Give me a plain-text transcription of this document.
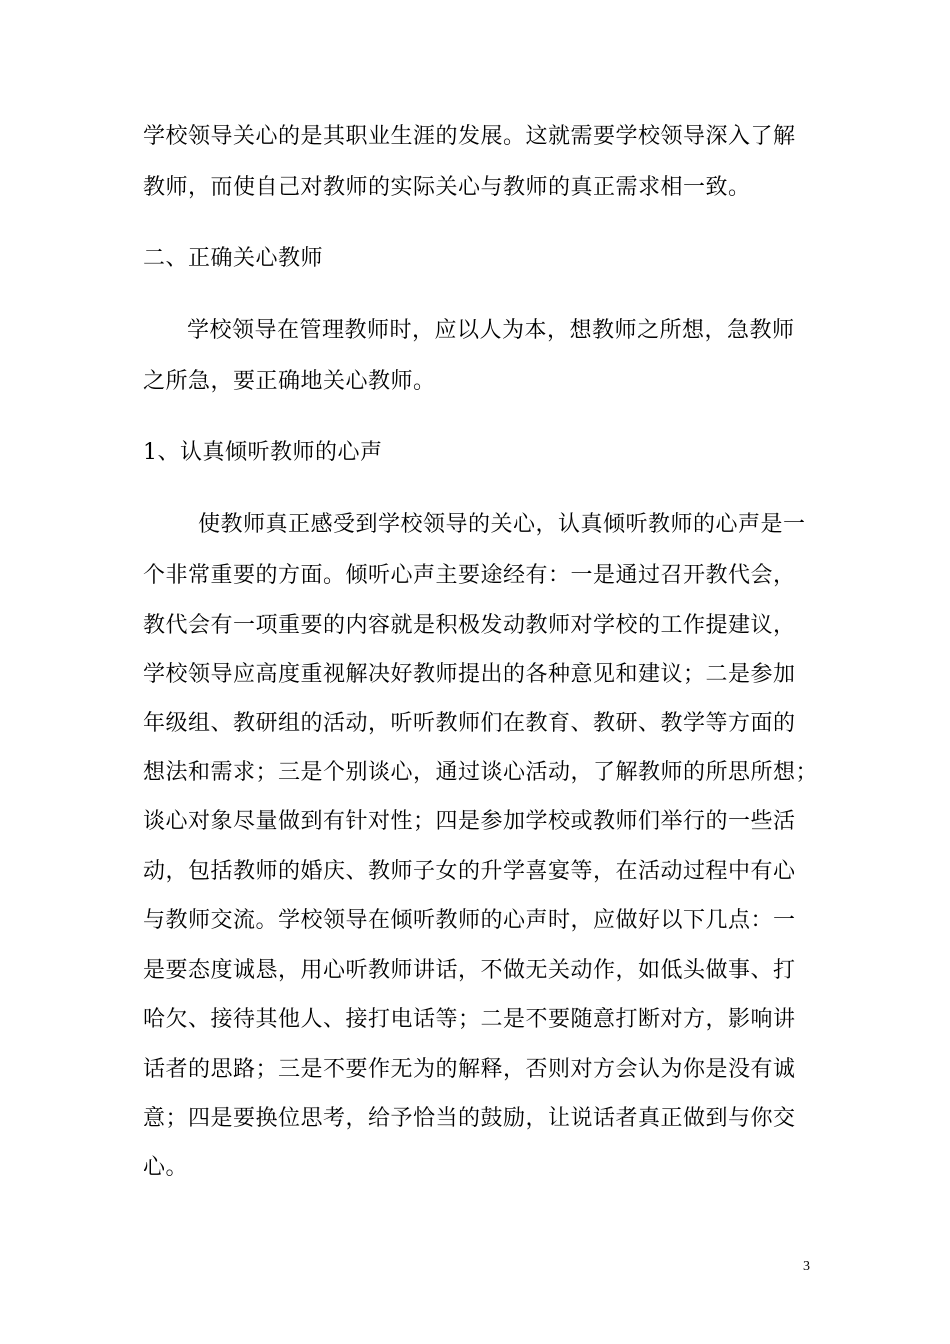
学校领导关心的是其职业生涯的发展。这就需要学校领导深入了解

教师，而使自己对教师的实际关心与教师的真正需求相一致。

二、正确关心教师

学校领导在管理教师时，应以人为本，想教师之所想，急教师

之所急，要正确地关心教师。

1、认真倾听教师的心声

使教师真正感受到学校领导的关心，认真倾听教师的心声是一

个非常重要的方面。倾听心声主要途经有：一是通过召开教代会，

教代会有一项重要的内容就是积极发动教师对学校的工作提建议，

学校领导应高度重视解决好教师提出的各种意见和建议；二是参加

年级组、教研组的活动，听听教师们在教育、教研、教学等方面的

想法和需求；三是个别谈心，通过谈心活动，了解教师的所思所想；

谈心对象尽量做到有针对性；四是参加学校或教师们举行的一些活

动，包括教师的婚庆、教师子女的升学喜宴等，在活动过程中有心

与教师交流。学校领导在倾听教师的心声时，应做好以下几点：一

是要态度诚恳，用心听教师讲话，不做无关动作，如低头做事、打

哈欠、接待其他人、接打电话等；二是不要随意打断对方，影响讲

话者的思路；三是不要作无为的解释，否则对方会认为你是没有诚

意；四是要换位思考，给予恰当的鼓励，让说话者真正做到与你交

心。

3
